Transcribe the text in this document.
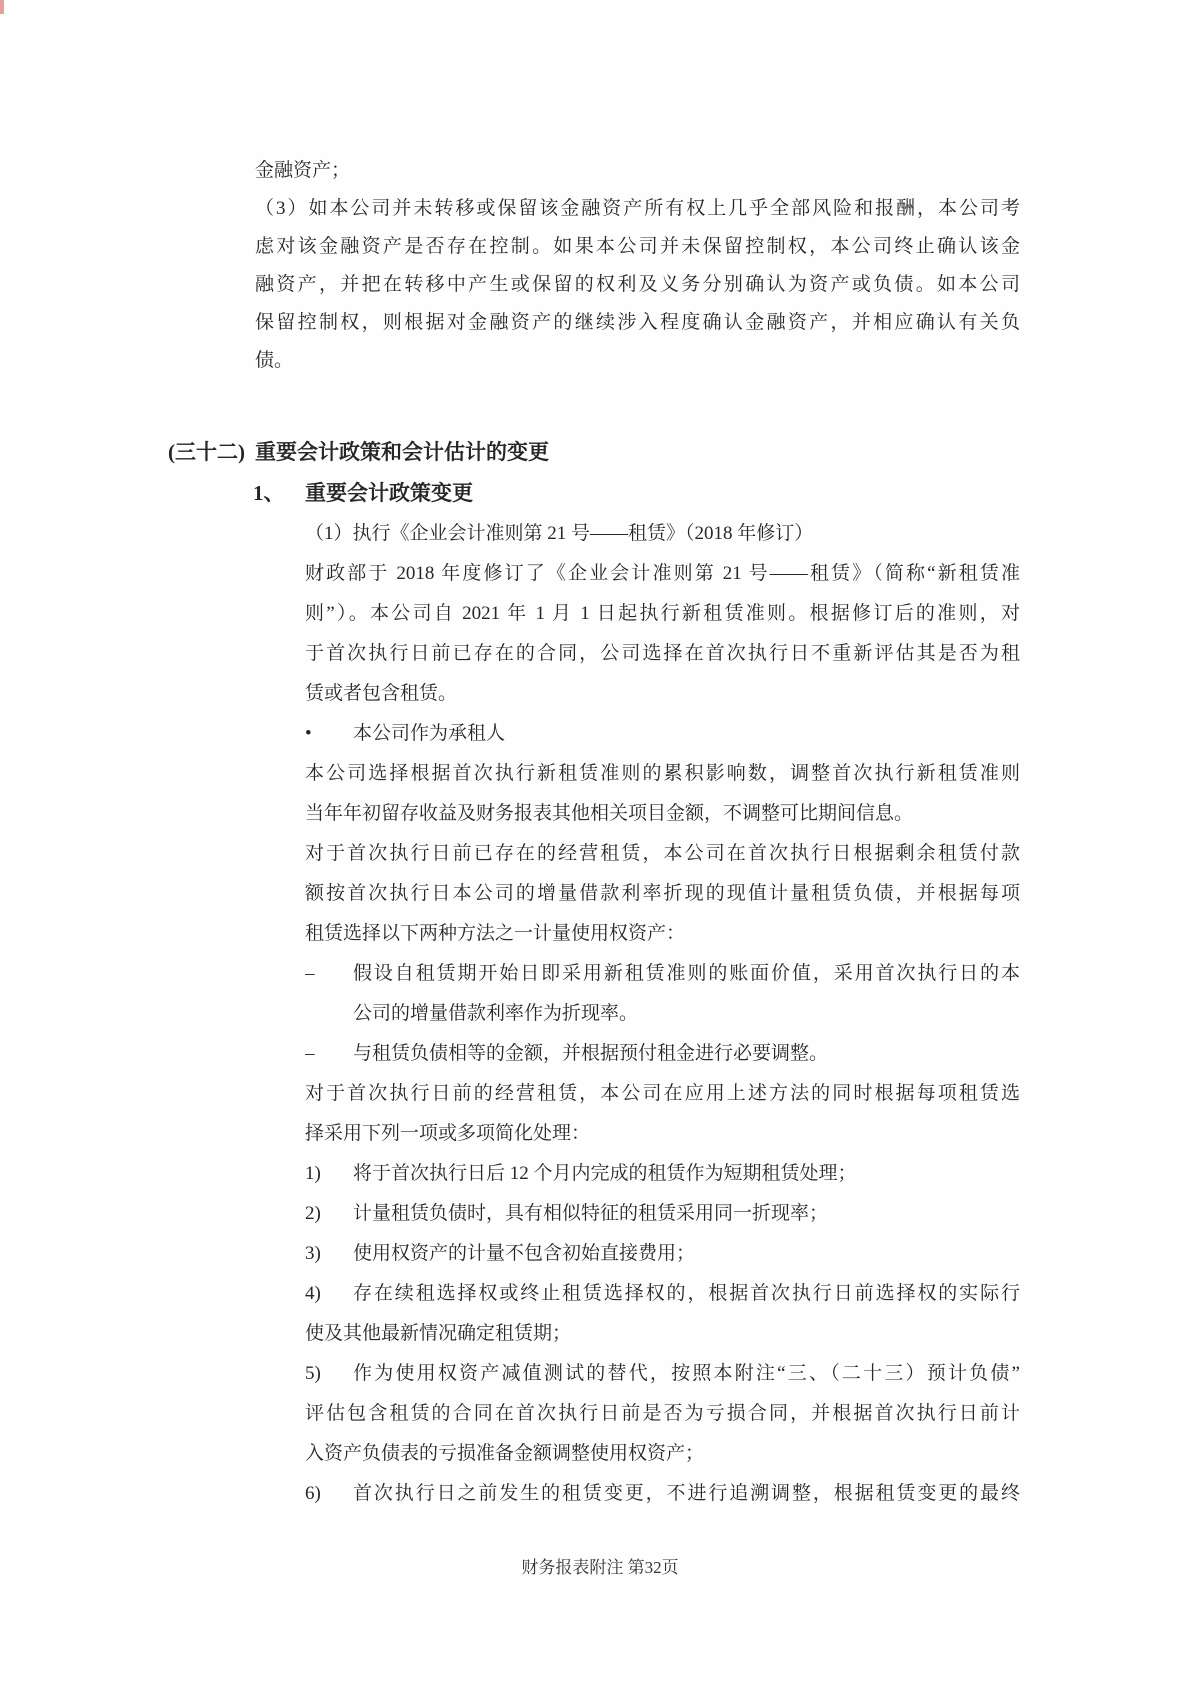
金融资产；
（3）如本公司并未转移或保留该金融资产所有权上几乎全部风险和报酬，本公司考
虑对该金融资产是否存在控制。如果本公司并未保留控制权，本公司终止确认该金
融资产，并把在转移中产生或保留的权利及义务分别确认为资产或负债。如本公司
保留控制权，则根据对金融资产的继续涉入程度确认金融资产，并相应确认有关负
债。
(三十二) 重要会计政策和会计估计的变更
1、 重要会计政策变更
（1）执行《企业会计准则第 21 号——租赁》（2018 年修订）
财政部于 2018 年度修订了《企业会计准则第 21 号——租赁》（简称“新租赁准
则”）。本公司自 2021 年 1 月 1 日起执行新租赁准则。根据修订后的准则，对
于首次执行日前已存在的合同，公司选择在首次执行日不重新评估其是否为租
赁或者包含租赁。
•	本公司作为承租人
本公司选择根据首次执行新租赁准则的累积影响数，调整首次执行新租赁准则
当年年初留存收益及财务报表其他相关项目金额，不调整可比期间信息。
对于首次执行日前已存在的经营租赁，本公司在首次执行日根据剩余租赁付款
额按首次执行日本公司的增量借款利率折现的现值计量租赁负债，并根据每项
租赁选择以下两种方法之一计量使用权资产：
–	假设自租赁期开始日即采用新租赁准则的账面价值，采用首次执行日的本
公司的增量借款利率作为折现率。
–	与租赁负债相等的金额，并根据预付租金进行必要调整。
对于首次执行日前的经营租赁，本公司在应用上述方法的同时根据每项租赁选
择采用下列一项或多项简化处理：
1)	将于首次执行日后 12 个月内完成的租赁作为短期租赁处理；
2)	计量租赁负债时，具有相似特征的租赁采用同一折现率；
3)	使用权资产的计量不包含初始直接费用；
4)	存在续租选择权或终止租赁选择权的，根据首次执行日前选择权的实际行
使及其他最新情况确定租赁期；
5)	作为使用权资产减值测试的替代，按照本附注“三、（二十三）预计负债”
评估包含租赁的合同在首次执行日前是否为亏损合同，并根据首次执行日前计
入资产负债表的亏损准备金额调整使用权资产；
6)	首次执行日之前发生的租赁变更，不进行追溯调整，根据租赁变更的最终
财务报表附注 第32页
